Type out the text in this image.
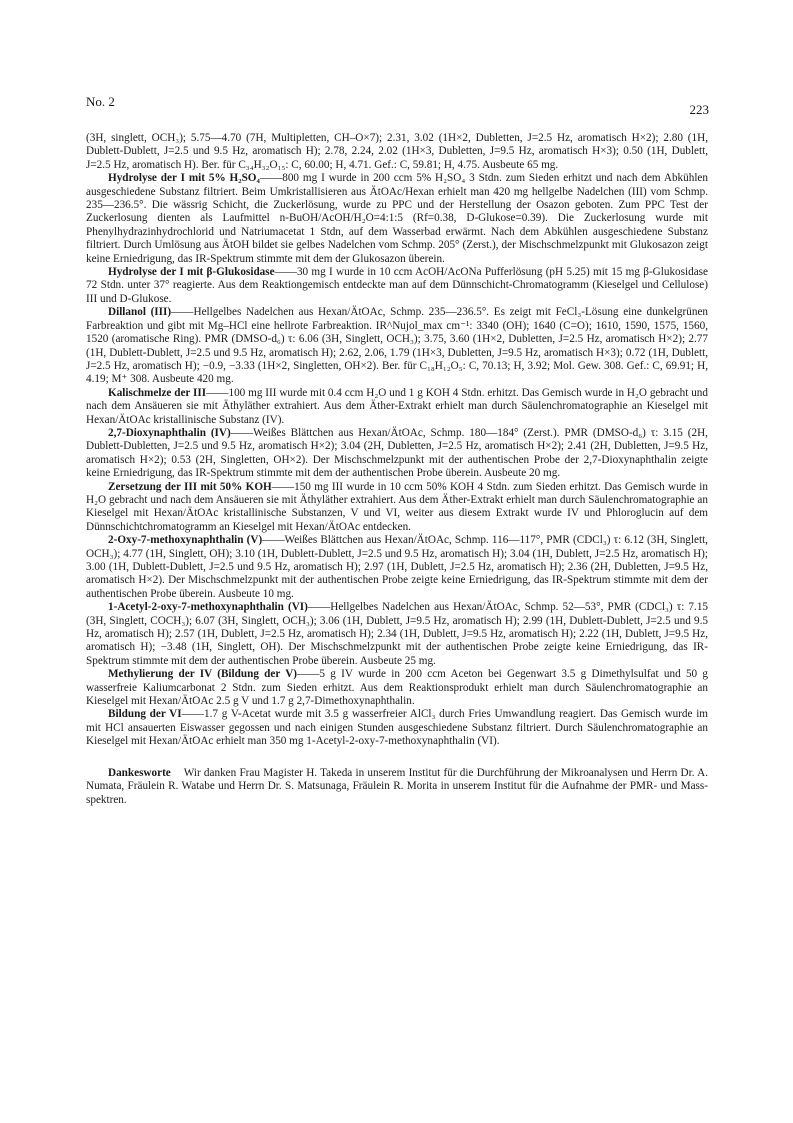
No. 2
223

(3H, singlett, OCH₃); 5.75—4.70 (7H, Multipletten, CH–O×7); 2.31, 3.02 (1H×2, Dubletten, J=2.5 Hz, aromatisch H×2); 2.80 (1H, Dublett-Dublett, J=2.5 und 9.5 Hz, aromatisch H); 2.78, 2.24, 2.02 (1H×3, Dubletten, J=9.5 Hz, aromatisch H×3); 0.50 (1H, Dublett, J=2.5 Hz, aromatisch H). Ber. für C₃₄H₃₂O₁₅: C, 60.00; H, 4.71. Gef.: C, 59.81; H, 4.75. Ausbeute 65 mg.

Hydrolyse der I mit 5% H₂SO₄——800 mg I wurde in 200 ccm 5% H₂SO₄ 3 Stdn. zum Sieden erhitzt und nach dem Abkühlen ausgeschiedene Substanz filtriert. Beim Umkristallisieren aus ÄtOAc/Hexan erhielt man 420 mg hellgelbe Nadelchen (III) vom Schmp. 235—236.5°. Die wässrig Schicht, die Zuckerlösung, wurde zu PPC und der Herstellung der Osazon geboten. Zum PPC Test der Zuckerlosung dienten als Laufmittel n-BuOH/AcOH/H₂O=4:1:5 (Rf=0.38, D-Glukose=0.39). Die Zuckerlosung wurde mit Phenylhydrazinhydrochlorid und Natriumacetat 1 Stdn, auf dem Wasserbad erwärmt. Nach dem Abkühlen ausgeschiedene Substanz filtriert. Durch Umlösung aus ÄtOH bildet sie gelbes Nadelchen vom Schmp. 205° (Zerst.), der Mischschmelzpunkt mit Glukosazon zeigt keine Erniedrigung, das IR-Spektrum stimmte mit dem der Glukosazon überein.

Hydrolyse der I mit β-Glukosidase——30 mg I wurde in 10 ccm AcOH/AcONa Pufferlösung (pH 5.25) mit 15 mg β-Glukosidase 72 Stdn. unter 37° reagierte. Aus dem Reaktiongemisch entdeckte man auf dem Dünnschicht-Chromatogramm (Kieselgel und Cellulose) III und D-Glukose.

Dillanol (III)——Hellgelbes Nadelchen aus Hexan/ÄtOAc, Schmp. 235—236.5°. Es zeigt mit FeCl₃-Lösung eine dunkelgrünen Farbreaktion und gibt mit Mg–HCl eine hellrote Farbreaktion. IR^Nujol_max cm⁻¹: 3340 (OH); 1640 (C=O); 1610, 1590, 1575, 1560, 1520 (aromatische Ring). PMR (DMSO-d₆) τ: 6.06 (3H, Singlett, OCH₃); 3.75, 3.60 (1H×2, Dubletten, J=2.5 Hz, aromatisch H×2); 2.77 (1H, Dublett-Dublett, J=2.5 und 9.5 Hz, aromatisch H); 2.62, 2.06, 1.79 (1H×3, Dubletten, J=9.5 Hz, aromatisch H×3); 0.72 (1H, Dublett, J=2.5 Hz, aromatisch H); −0.9, −3.33 (1H×2, Singletten, OH×2). Ber. für C₁₈H₁₂O₅: C, 70.13; H, 3.92; Mol. Gew. 308. Gef.: C, 69.91; H, 4.19; M⁺ 308. Ausbeute 420 mg.

Kalischmelze der III——100 mg III wurde mit 0.4 ccm H₂O und 1 g KOH 4 Stdn. erhitzt. Das Gemisch wurde in H₂O gebracht und nach dem Ansäueren sie mit Äthyläther extrahiert. Aus dem Äther-Extrakt erhielt man durch Säulenchromatographie an Kieselgel mit Hexan/ÄtOAc kristallinische Substanz (IV).

2,7-Dioxynaphthalin (IV)——Weißes Blättchen aus Hexan/ÄtOAc, Schmp. 180—184° (Zerst.). PMR (DMSO-d₆) τ: 3.15 (2H, Dublett-Dubletten, J=2.5 und 9.5 Hz, aromatisch H×2); 3.04 (2H, Dubletten, J=2.5 Hz, aromatisch H×2); 2.41 (2H, Dubletten, J=9.5 Hz, aromatisch H×2); 0.53 (2H, Singletten, OH×2). Der Mischschmelzpunkt mit der authentischen Probe der 2,7-Dioxynaphthalin zeigte keine Erniedrigung, das IR-Spektrum stimmte mit dem der authentischen Probe überein. Ausbeute 20 mg.

Zersetzung der III mit 50% KOH——150 mg III wurde in 10 ccm 50% KOH 4 Stdn. zum Sieden erhitzt. Das Gemisch wurde in H₂O gebracht und nach dem Ansäueren sie mit Äthyläther extrahiert. Aus dem Äther-Extrakt erhielt man durch Säulenchromatographie an Kieselgel mit Hexan/ÄtOAc kristallinische Substanzen, V und VI, weiter aus diesem Extrakt wurde IV und Phloroglucin auf dem Dünnschichtchromatogramm an Kieselgel mit Hexan/ÄtOAc entdecken.

2-Oxy-7-methoxynaphthalin (V)——Weißes Blättchen aus Hexan/ÄtOAc, Schmp. 116—117°, PMR (CDCl₃) τ: 6.12 (3H, Singlett, OCH₃); 4.77 (1H, Singlett, OH); 3.10 (1H, Dublett-Dublett, J=2.5 und 9.5 Hz, aromatisch H); 3.04 (1H, Dublett, J=2.5 Hz, aromatisch H); 3.00 (1H, Dublett-Dublett, J=2.5 und 9.5 Hz, aromatisch H); 2.97 (1H, Dublett, J=2.5 Hz, aromatisch H); 2.36 (2H, Dubletten, J=9.5 Hz, aromatisch H×2). Der Mischschmelzpunkt mit der authentischen Probe zeigte keine Erniedrigung, das IR-Spektrum stimmte mit dem der authentischen Probe überein. Ausbeute 10 mg.

1-Acetyl-2-oxy-7-methoxynaphthalin (VI)——Hellgelbes Nadelchen aus Hexan/ÄtOAc, Schmp. 52—53°, PMR (CDCl₃) τ: 7.15 (3H, Singlett, COCH₃); 6.07 (3H, Singlett, OCH₃); 3.06 (1H, Dublett, J=9.5 Hz, aromatisch H); 2.99 (1H, Dublett-Dublett, J=2.5 und 9.5 Hz, aromatisch H); 2.57 (1H, Dublett, J=2.5 Hz, aromatisch H); 2.34 (1H, Dublett, J=9.5 Hz, aromatisch H); 2.22 (1H, Dublett, J=9.5 Hz, aromatisch H); −3.48 (1H, Singlett, OH). Der Mischschmelzpunkt mit der authentischen Probe zeigte keine Erniedrigung, das IR-Spektrum stimmte mit dem der authentischen Probe überein. Ausbeute 25 mg.

Methylierung der IV (Bildung der V)——5 g IV wurde in 200 ccm Aceton bei Gegenwart 3.5 g Dimethylsulfat und 50 g wasserfreie Kaliumcarbonat 2 Stdn. zum Sieden erhitzt. Aus dem Reaktionsprodukt erhielt man durch Säulenchromatographie an Kieselgel mit Hexan/ÄtOAc 2.5 g V und 1.7 g 2,7-Dimethoxynaphthalin.

Bildung der VI——1.7 g V-Acetat wurde mit 3.5 g wasserfreier AlCl₃ durch Fries Umwandlung reagiert. Das Gemisch wurde im mit HCl ansauerten Eiswasser gegossen und nach einigen Stunden ausgeschiedene Substanz filtriert. Durch Säulenchromatographie an Kieselgel mit Hexan/ÄtOAc erhielt man 350 mg 1-Acetyl-2-oxy-7-methoxynaphthalin (VI).

Dankesworte Wir danken Frau Magister H. Takeda in unserem Institut für die Durchführung der Mikroanalysen und Herrn Dr. A. Numata, Fräulein R. Watabe und Herrn Dr. S. Matsunaga, Fräulein R. Morita in unserem Institut für die Aufnahme der PMR- und Mass-spektren.
